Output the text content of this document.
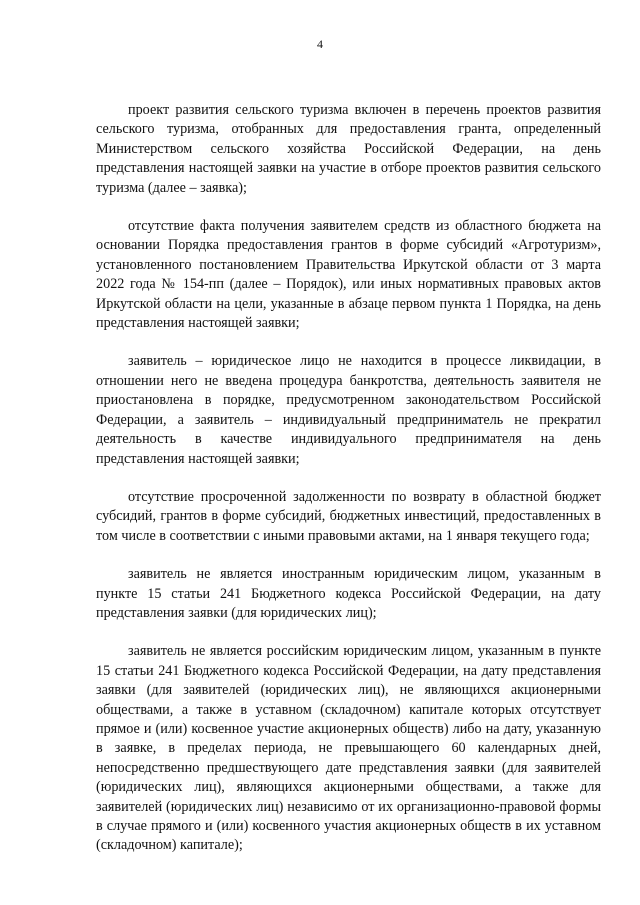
4

проект развития сельского туризма включен в перечень проектов развития сельского туризма, отобранных для предоставления гранта, определенный Министерством сельского хозяйства Российской Федерации, на день представления настоящей заявки на участие в отборе проектов развития сельского туризма (далее – заявка);

отсутствие факта получения заявителем средств из областного бюджета на основании Порядка предоставления грантов в форме субсидий «Агротуризм», установленного постановлением Правительства Иркутской области от 3 марта 2022 года № 154-пп (далее – Порядок), или иных нормативных правовых актов Иркутской области на цели, указанные в абзаце первом пункта 1 Порядка, на день представления настоящей заявки;

заявитель – юридическое лицо не находится в процессе ликвидации, в отношении него не введена процедура банкротства, деятельность заявителя не приостановлена в порядке, предусмотренном законодательством Российской Федерации, а заявитель – индивидуальный предприниматель не прекратил деятельность в качестве индивидуального предпринимателя на день представления настоящей заявки;

отсутствие просроченной задолженности по возврату в областной бюджет субсидий, грантов в форме субсидий, бюджетных инвестиций, предоставленных в том числе в соответствии с иными правовыми актами, на 1 января текущего года;

заявитель не является иностранным юридическим лицом, указанным в пункте 15 статьи 241 Бюджетного кодекса Российской Федерации, на дату представления заявки (для юридических лиц);

заявитель не является российским юридическим лицом, указанным в пункте 15 статьи 241 Бюджетного кодекса Российской Федерации, на дату представления заявки (для заявителей (юридических лиц), не являющихся акционерными обществами, а также в уставном (складочном) капитале которых отсутствует прямое и (или) косвенное участие акционерных обществ) либо на дату, указанную в заявке, в пределах периода, не превышающего 60 календарных дней, непосредственно предшествующего дате представления заявки (для заявителей (юридических лиц), являющихся акционерными обществами, а также для заявителей (юридических лиц) независимо от их организационно-правовой формы в случае прямого и (или) косвенного участия акционерных обществ в их уставном (складочном) капитале);
